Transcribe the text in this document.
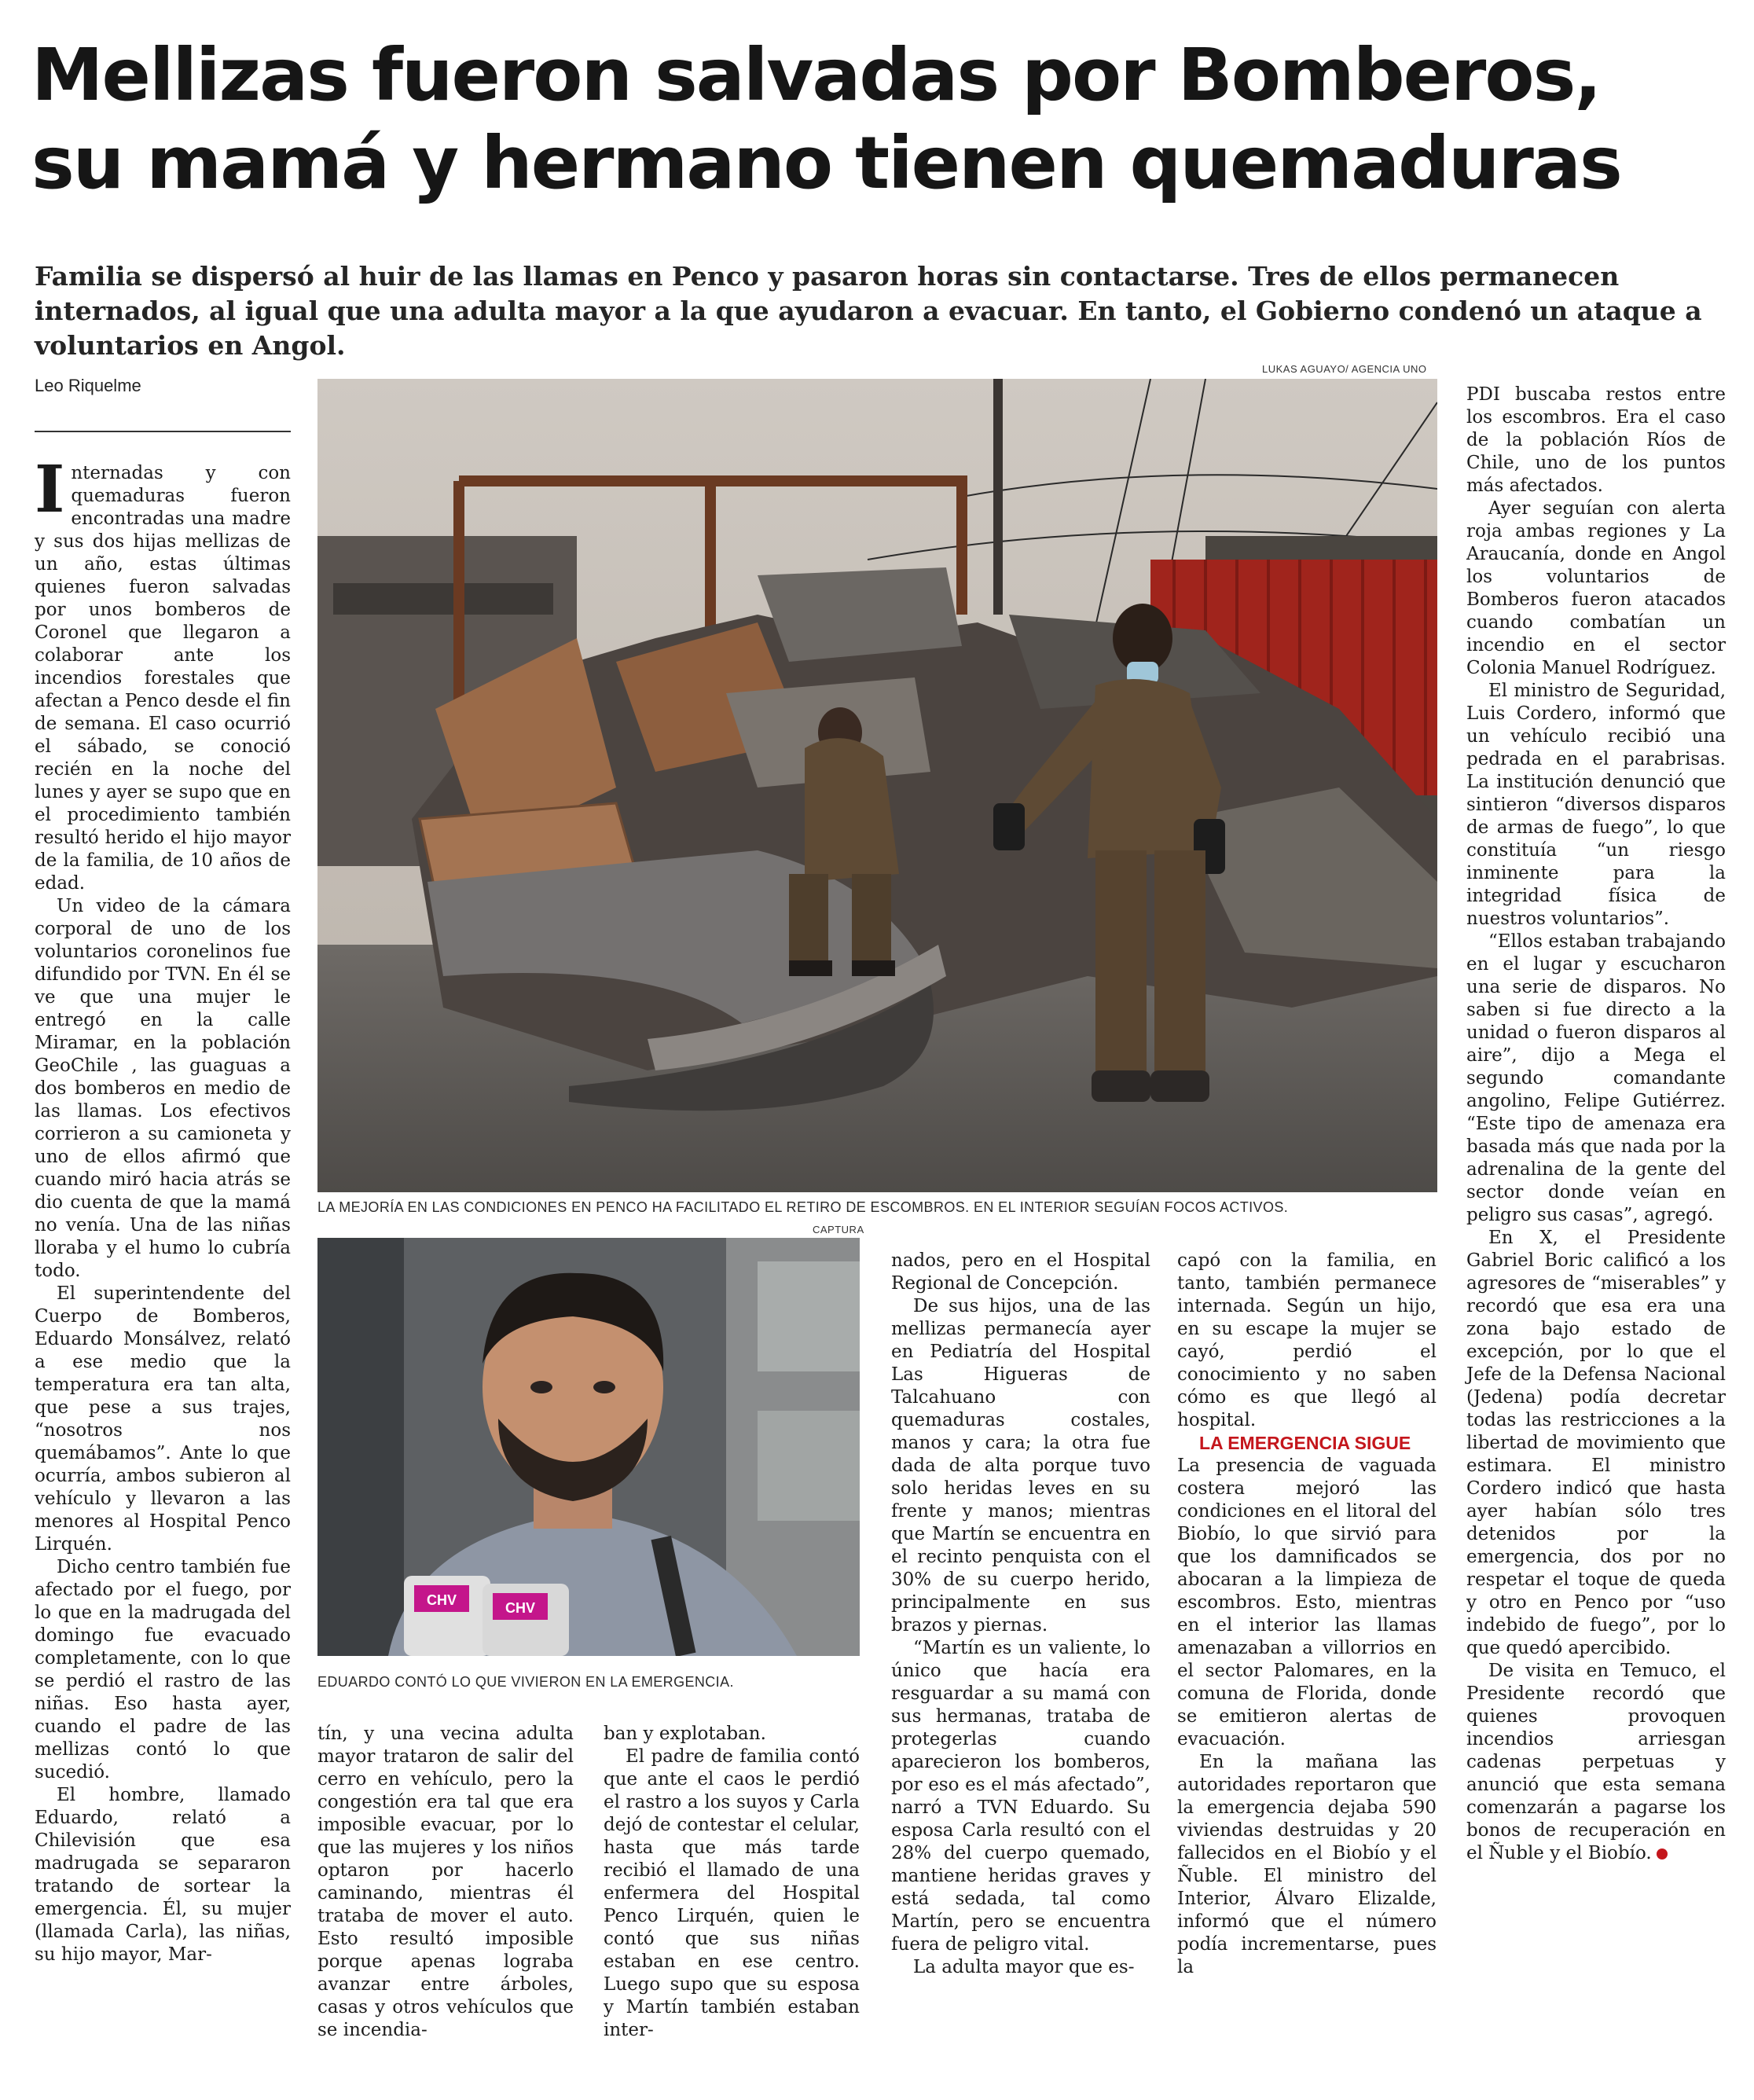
Mellizas fueron salvadas por Bomberos,
su mamá y hermano tienen quemaduras

Familia se dispersó al huir de las llamas en Penco y pasaron horas sin contactarse. Tres de ellos permanecen internados, al igual que una adulta mayor a la que ayudaron a evacuar. En tanto, el Gobierno condenó un ataque a voluntarios en Angol.

Leo Riquelme
LUKAS AGUAYO/ AGENCIA UNO
LA MEJORÍA EN LAS CONDICIONES EN PENCO HA FACILITADO EL RETIRO DE ESCOMBROS. EN EL INTERIOR SEGUÍAN FOCOS ACTIVOS.
CAPTURA
CHV	CHV
EDUARDO CONTÓ LO QUE VIVIERON EN LA EMERGENCIA.

Internadas y con quemaduras fueron encontradas una madre y sus dos hijas mellizas de un año, estas últimas quienes fueron salvadas por unos bomberos de Coronel que llegaron a colaborar ante los incendios forestales que afectan a Penco desde el fin de semana. El caso ocurrió el sábado, se conoció recién en la noche del lunes y ayer se supo que en el procedimiento también resultó herido el hijo mayor de la familia, de 10 años de edad.

Un video de la cámara corporal de uno de los voluntarios coronelinos fue difundido por TVN. En él se ve que una mujer le entregó en la calle Miramar, en la población GeoChile , las guaguas a dos bomberos en medio de las llamas. Los efectivos corrieron a su camioneta y uno de ellos afirmó que cuando miró hacia atrás se dio cuenta de que la mamá no venía. Una de las niñas lloraba y el humo lo cubría todo.

El superintendente del Cuerpo de Bomberos, Eduardo Monsálvez, relató a ese medio que la temperatura era tan alta, que pese a sus trajes, “nosotros nos quemábamos”. Ante lo que ocurría, ambos subieron al vehículo y llevaron a las menores al Hospital Penco Lirquén.

Dicho centro también fue afectado por el fuego, por lo que en la madrugada del domingo fue evacuado completamente, con lo que se perdió el rastro de las niñas. Eso hasta ayer, cuando el padre de las mellizas contó lo que sucedió.

El hombre, llamado Eduardo, relató a Chilevisión que esa madrugada se separaron tratando de sortear la emergencia. Él, su mujer (llamada Carla), las niñas, su hijo mayor, Mar-

tín, y una vecina adulta mayor trataron de salir del cerro en vehículo, pero la congestión era tal que era imposible evacuar, por lo que las mujeres y los niños optaron por hacerlo caminando, mientras él trataba de mover el auto. Esto resultó imposible porque apenas lograba avanzar entre árboles, casas y otros vehículos que se incendia-

ban y explotaban.

El padre de familia contó que ante el caos le perdió el rastro a los suyos y Carla dejó de contestar el celular, hasta que más tarde recibió el llamado de una enfermera del Hospital Penco Lirquén, quien le contó que sus niñas estaban en ese centro. Luego supo que su esposa y Martín también estaban inter-

nados, pero en el Hospital Regional de Concepción.

De sus hijos, una de las mellizas permanecía ayer en Pediatría del Hospital Las Higueras de Talcahuano con quemaduras costales, manos y cara; la otra fue dada de alta porque tuvo solo heridas leves en su frente y manos; mientras que Martín se encuentra en el recinto penquista con el 30% de su cuerpo herido, principalmente en sus brazos y piernas.

“Martín es un valiente, lo único que hacía era resguardar a su mamá con sus hermanas, trataba de protegerlas cuando aparecieron los bomberos, por eso es el más afectado”, narró a TVN Eduardo. Su esposa Carla resultó con el 28% del cuerpo quemado, mantiene heridas graves y está sedada, tal como Martín, pero se encuentra fuera de peligro vital.

La adulta mayor que es-

capó con la familia, en tanto, también permanece internada. Según un hijo, en su escape la mujer se cayó, perdió el conocimiento y no saben cómo es que llegó al hospital.

LA EMERGENCIA SIGUE

La presencia de vaguada costera mejoró las condiciones en el litoral del Biobío, lo que sirvió para que los damnificados se abocaran a la limpieza de escombros. Esto, mientras en el interior las llamas amenazaban a villorrios en el sector Palomares, en la comuna de Florida, donde se emitieron alertas de evacuación.

En la mañana las autoridades reportaron que la emergencia dejaba 590 viviendas destruidas y 20 fallecidos en el Biobío y el Ñuble. El ministro del Interior, Álvaro Elizalde, informó que el número podía incrementarse, pues la

PDI buscaba restos entre los escombros. Era el caso de la población Ríos de Chile, uno de los puntos más afectados.

Ayer seguían con alerta roja ambas regiones y La Araucanía, donde en Angol los voluntarios de Bomberos fueron atacados cuando combatían un incendio en el sector Colonia Manuel Rodríguez.

El ministro de Seguridad, Luis Cordero, informó que un vehículo recibió una pedrada en el parabrisas. La institución denunció que sintieron “diversos disparos de armas de fuego”, lo que constituía “un riesgo inminente para la integridad física de nuestros voluntarios”.

“Ellos estaban trabajando en el lugar y escucharon una serie de disparos. No saben si fue directo a la unidad o fueron disparos al aire”, dijo a Mega el segundo comandante angolino, Felipe Gutiérrez. “Este tipo de amenaza era basada más que nada por la adrenalina de la gente del sector donde veían en peligro sus casas”, agregó.

En X, el Presidente Gabriel Boric calificó a los agresores de “miserables” y recordó que esa era una zona bajo estado de excepción, por lo que el Jefe de la Defensa Nacional (Jedena) podía decretar todas las restricciones a la libertad de movimiento que estimara. El ministro Cordero indicó que hasta ayer habían sólo tres detenidos por la emergencia, dos por no respetar el toque de queda y otro en Penco por “uso indebido de fuego”, por lo que quedó apercibido.

De visita en Temuco, el Presidente recordó que quienes provoquen incendios arriesgan cadenas perpetuas y anunció que esta semana comenzarán a pagarse los bonos de recuperación en el Ñuble y el Biobío.
